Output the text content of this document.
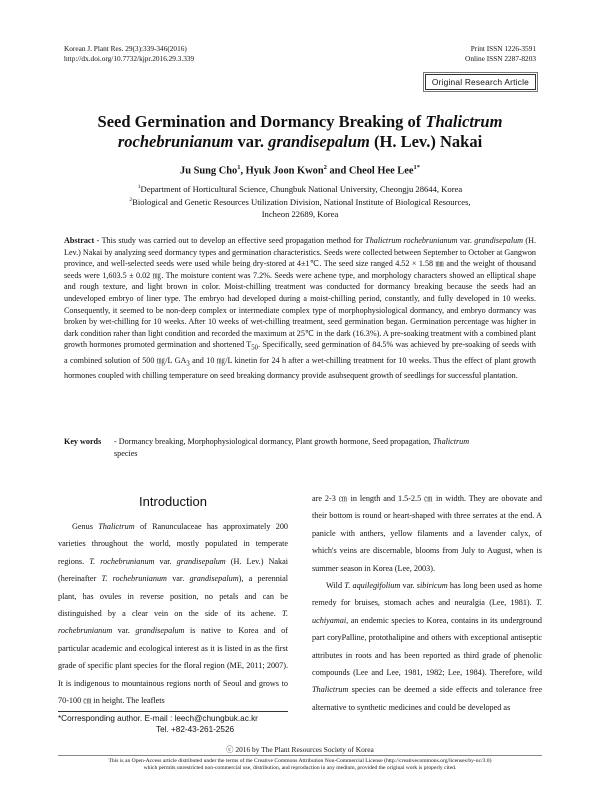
Korean J. Plant Res. 29(3):339-346(2016)
http://dx.doi.org/10.7732/kjpr.2016.29.3.339
Print ISSN 1226-3591
Online ISSN 2287-8203
Original Research Article
Seed Germination and Dormancy Breaking of Thalictrum
rochebrunianum var. grandisepalum (H. Lev.) Nakai
Ju Sung Cho$^1$, Hyuk Joon Kwon$^2$ and Cheol Hee Lee$^{1*}$
$^1$Department of Horticultural Science, Chungbuk National University, Cheongju 28644, Korea
$^2$Biological and Genetic Resources Utilization Division, National Institute of Biological Resources,
Incheon 22689, Korea
Abstract - This study was carried out to develop an effective seed propagation method for Thalictrum rochebrunianum var. grandisepalum (H. Lev.) Nakai by analyzing seed dormancy types and germination characteristics. Seeds were collected between September to October at Gangwon province, and well-selected seeds were used while being dry-stored at 4±1℃. The seed size ranged 4.52 × 1.58 ㎜ and the weight of thousand seeds were 1,603.5 ± 0.02 ㎎. The moisture content was 7.2%. Seeds were achene type, and morphology characters showed an elliptical shape and rough texture, and light brown in color. Moist-chilling treatment was conducted for dormancy breaking because the seeds had an undeveloped embryo of liner type. The embryo had developed during a moist-chilling period, constantly, and fully developed in 10 weeks. Consequently, it seemed to be non-deep complex or intermediate complex type of morphophysiological dormancy, and embryo dormancy was broken by wet-chilling for 10 weeks. After 10 weeks of wet-chilling treatment, seed germination began. Germination percentage was higher in dark condition raher than light condition and recorded the maximum at 25℃ in the dark (16.3%). A pre-soaking treatment with a combined plant growth hormones promoted germination and shortened $T_{50}$. Specifically, seed germination of 84.5% was achieved by pre-soaking of seeds with a combined solution of 500 ㎎/L $GA_3$ and 10 ㎎/L kinetin for 24 h after a wet-chilling treatment for 10 weeks. Thus the effect of plant growth hormones coupled with chilling temperature on seed breaking dormancy provide asubsequent growth of seedlings for successful plantation.
Key words - Dormancy breaking, Morphophysiological dormancy, Plant growth hormone, Seed propagation, Thalictrum
species
Introduction

Genus Thalictrum of Ranunculaceae has approximately 200 varieties throughout the world, mostly populated in temperate regions. T. rochebrunianum var. grandisepalum (H. Lev.) Nakai (hereinafter T. rochebrunianum var. grandisepalum), a perennial plant, has ovules in reverse position, no petals and can be distinguished by a clear vein on the side of its achene. T. rochebrunianum var. grandisepalum is native to Korea and of particular academic and ecological interest as it is listed in as the first grade of specific plant species for the floral region (ME, 2011; 2007). It is indigenous to mountainous regions north of Seoul and grows to 70-100 ㎝ in height. The leaflets

are 2-3 ㎝ in length and 1.5-2.5 ㎝ in width. They are obovate and their bottom is round or heart-shaped with three serrates at the end. A panicle with anthers, yellow filaments and a lavender calyx, of which's veins are discernable, blooms from July to August, when is summer season in Korea (Lee, 2003).

Wild T. aquilegifolium var. sibiricum has long been used as home remedy for bruises, stomach aches and neuralgia (Lee, 1981). T. uchiyamai, an endemic species to Korea, contains in its underground part coryPalline, protothalipine and others with exceptional antiseptic attributes in roots and has been reported as third grade of phenolic compounds (Lee and Lee, 1981, 1982; Lee, 1984). Therefore, wild Thalictrum species can be deemed a side effects and tolerance free alternative to synthetic medicines and could be developed as

*Corresponding author. E-mail : leech@chungbuk.ac.kr
Tel. +82-43-261-2526
ⓒ 2016 by The Plant Resources Society of Korea
This is an Open-Access article distributed under the terms of the Creative Commons Attribution Non-Commercial License (http://creativecommons.org/licenses/by-nc/3.0)
which permits unrestricted non-commercial use, distribution, and reproduction in any medium, provided the original work is properly cited.
